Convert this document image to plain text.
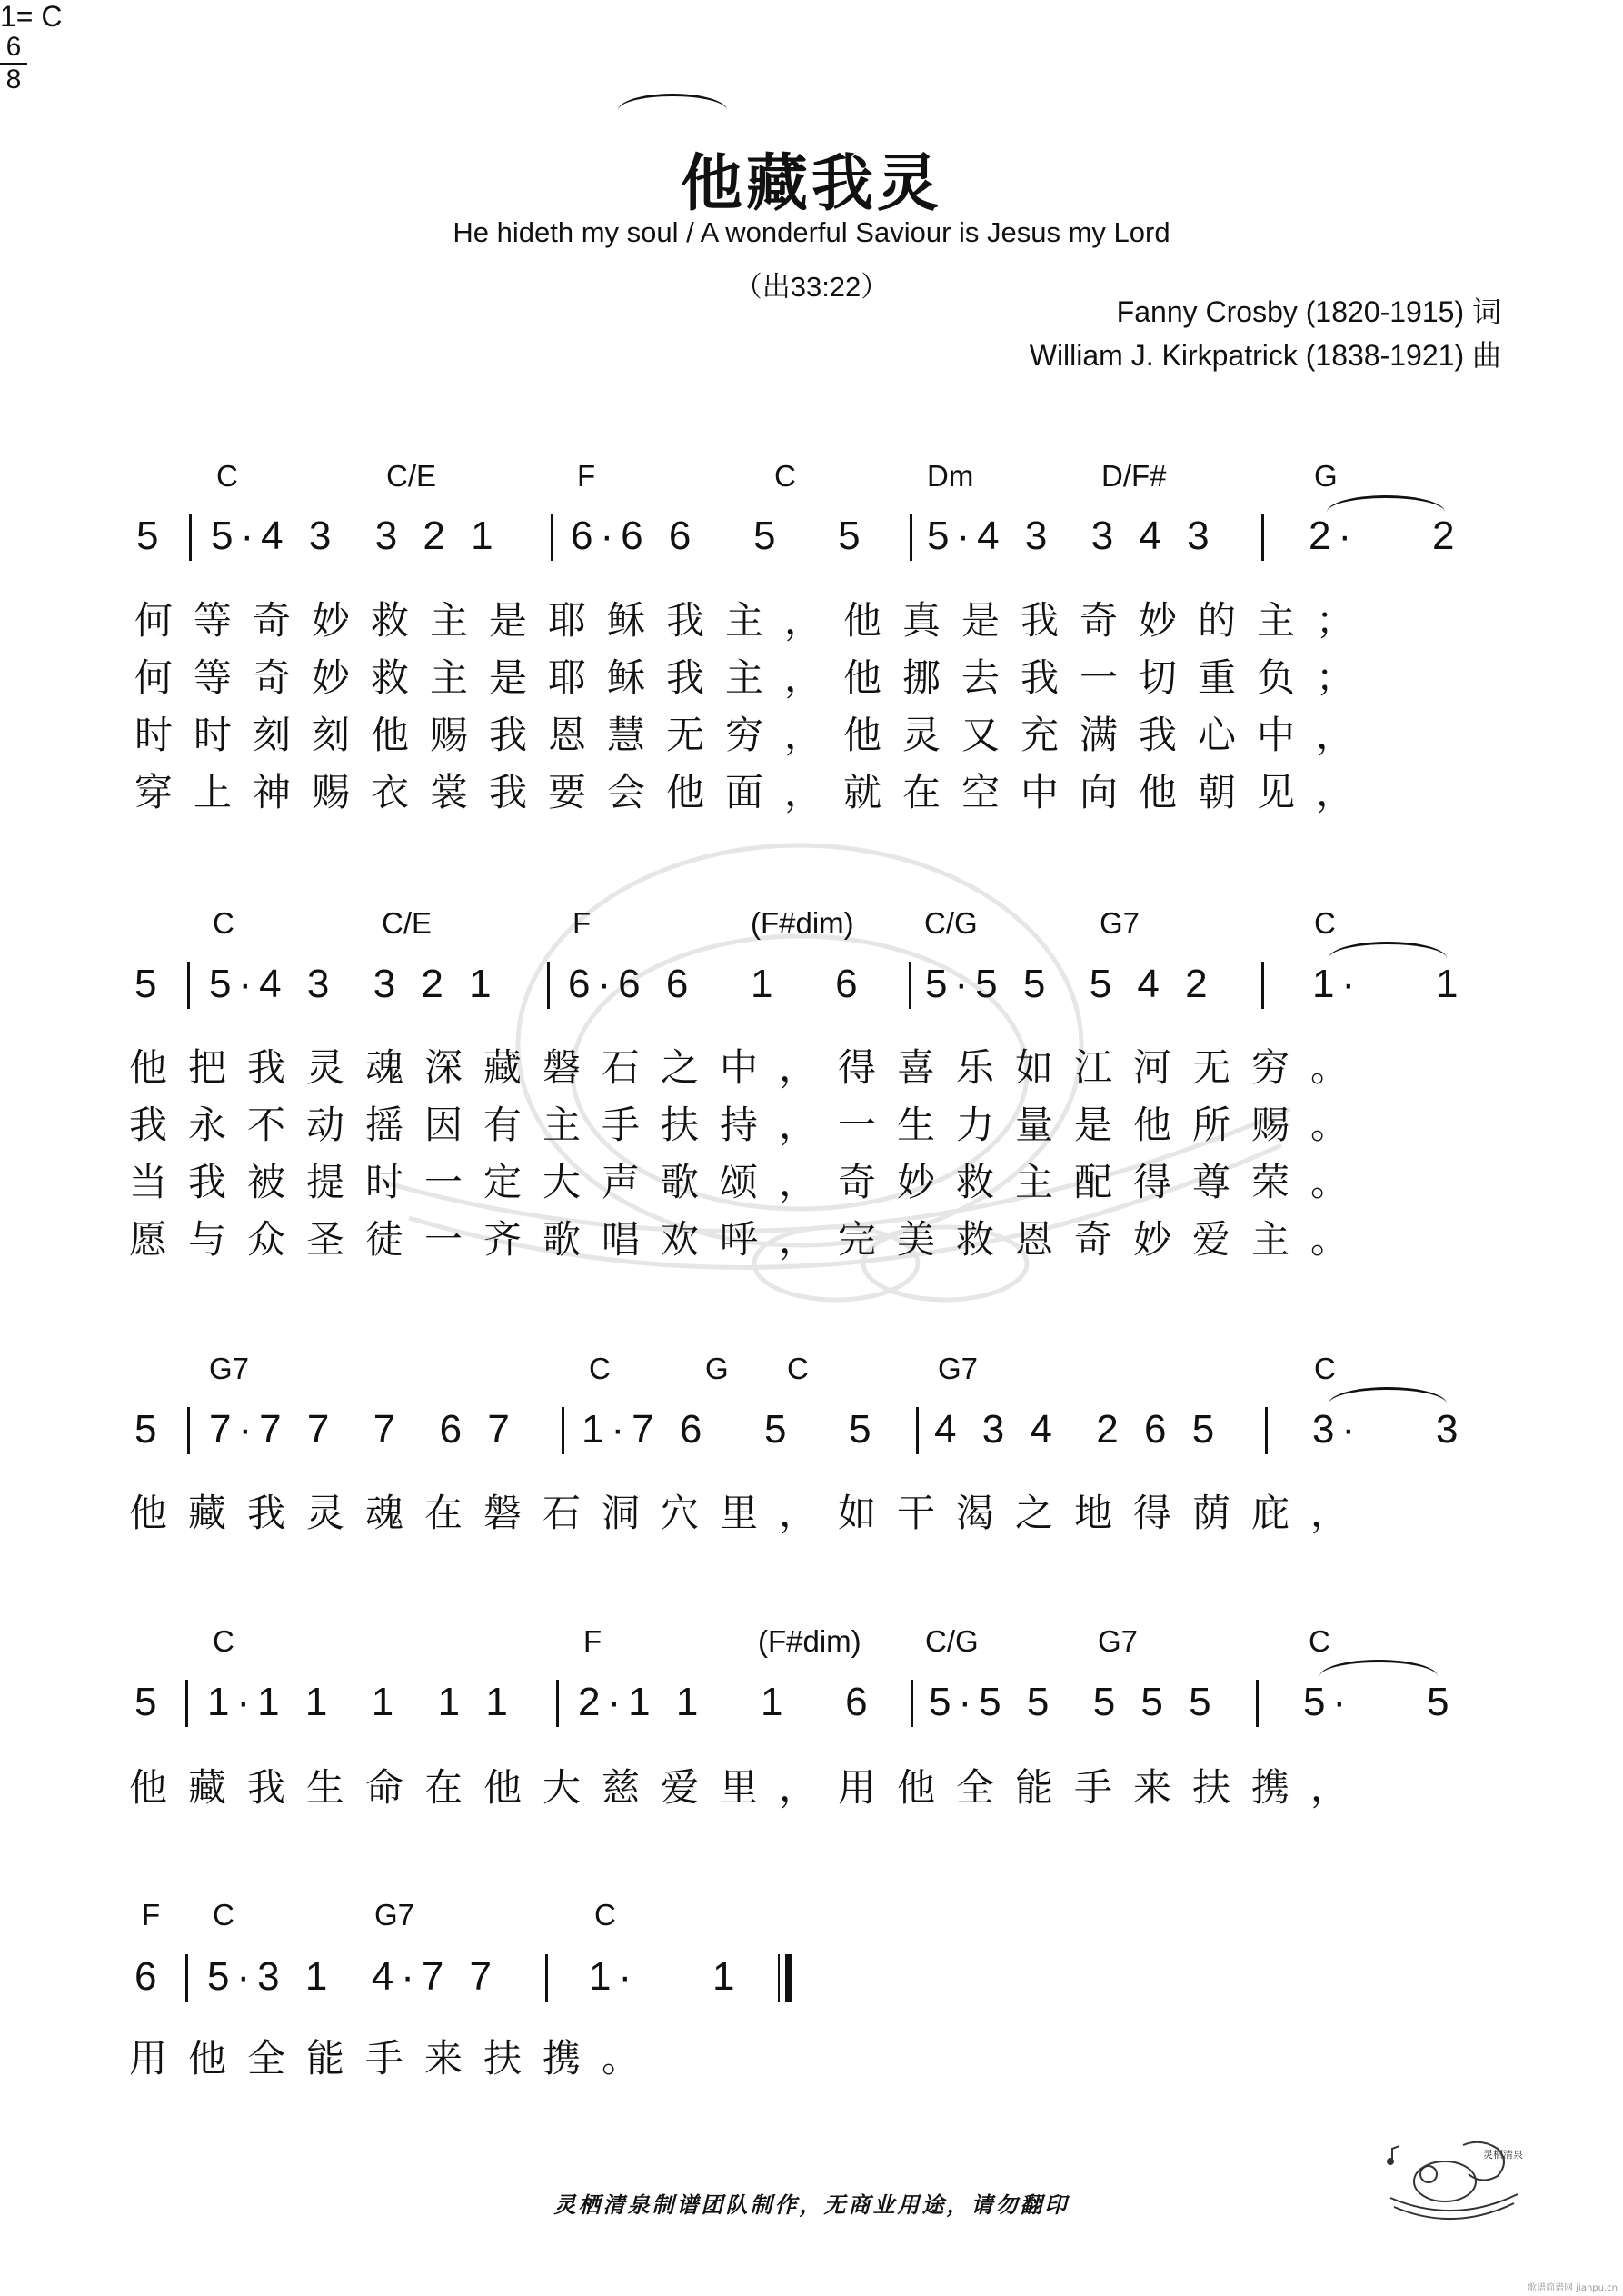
他藏我灵
He hideth my soul / A wonderful Saviour is Jesus my Lord
（出33:22）
Fanny Crosby (1820-1915) 词
William J. Kirkpatrick (1838-1921) 曲
1= C
6
8
C	C/E	F	C	Dm	D/F#	G
5 5·4 3  3 2 1 6·6 6   5   5 5·4 3  3 4 3 2·    2
何等奇妙救主是耶稣我主，他真是我奇妙的主；
何等奇妙救主是耶稣我主，他挪去我一切重负；
时时刻刻他赐我恩慧无穷，他灵又充满我心中，
穿上神赐衣裳我要会他面，就在空中向他朝见，
C	C/E	F	(F#dim) C/G	G7	C
5 5·4 3  3 2 1 6·6 6   1   6 5·5 5  5 4 2 1·    1
他把我灵魂深藏磐石之中，得喜乐如江河无穷。
我永不动摇因有主手扶持，一生力量是他所赐。
当我被提时一定大声歌颂，奇妙救主配得尊荣。
愿与众圣徒一齐歌唱欢呼，完美救恩奇妙爱主。
G7	C	G C	G7	C
5 7·7 7  7  6 7 1·7 6   5   5 4 3 4  2 6 5 3·    3
他藏我灵魂在磐石洞穴里，如干渴之地得荫庇，
C	F	(F#dim) C/G	G7	C
5 1·1 1  1  1 1 2·1 1   1   6 5·5 5  5 5 5 5·    5
他藏我生命在他大慈爱里，用他全能手来扶携，
F C	G7	C
6 5·3 1  4·7 7 1·    1
用他全能手来扶携。
灵栖清泉
灵栖清泉制谱团队制作，无商业用途，请勿翻印
歌谱简谱网 jianpu.cn
